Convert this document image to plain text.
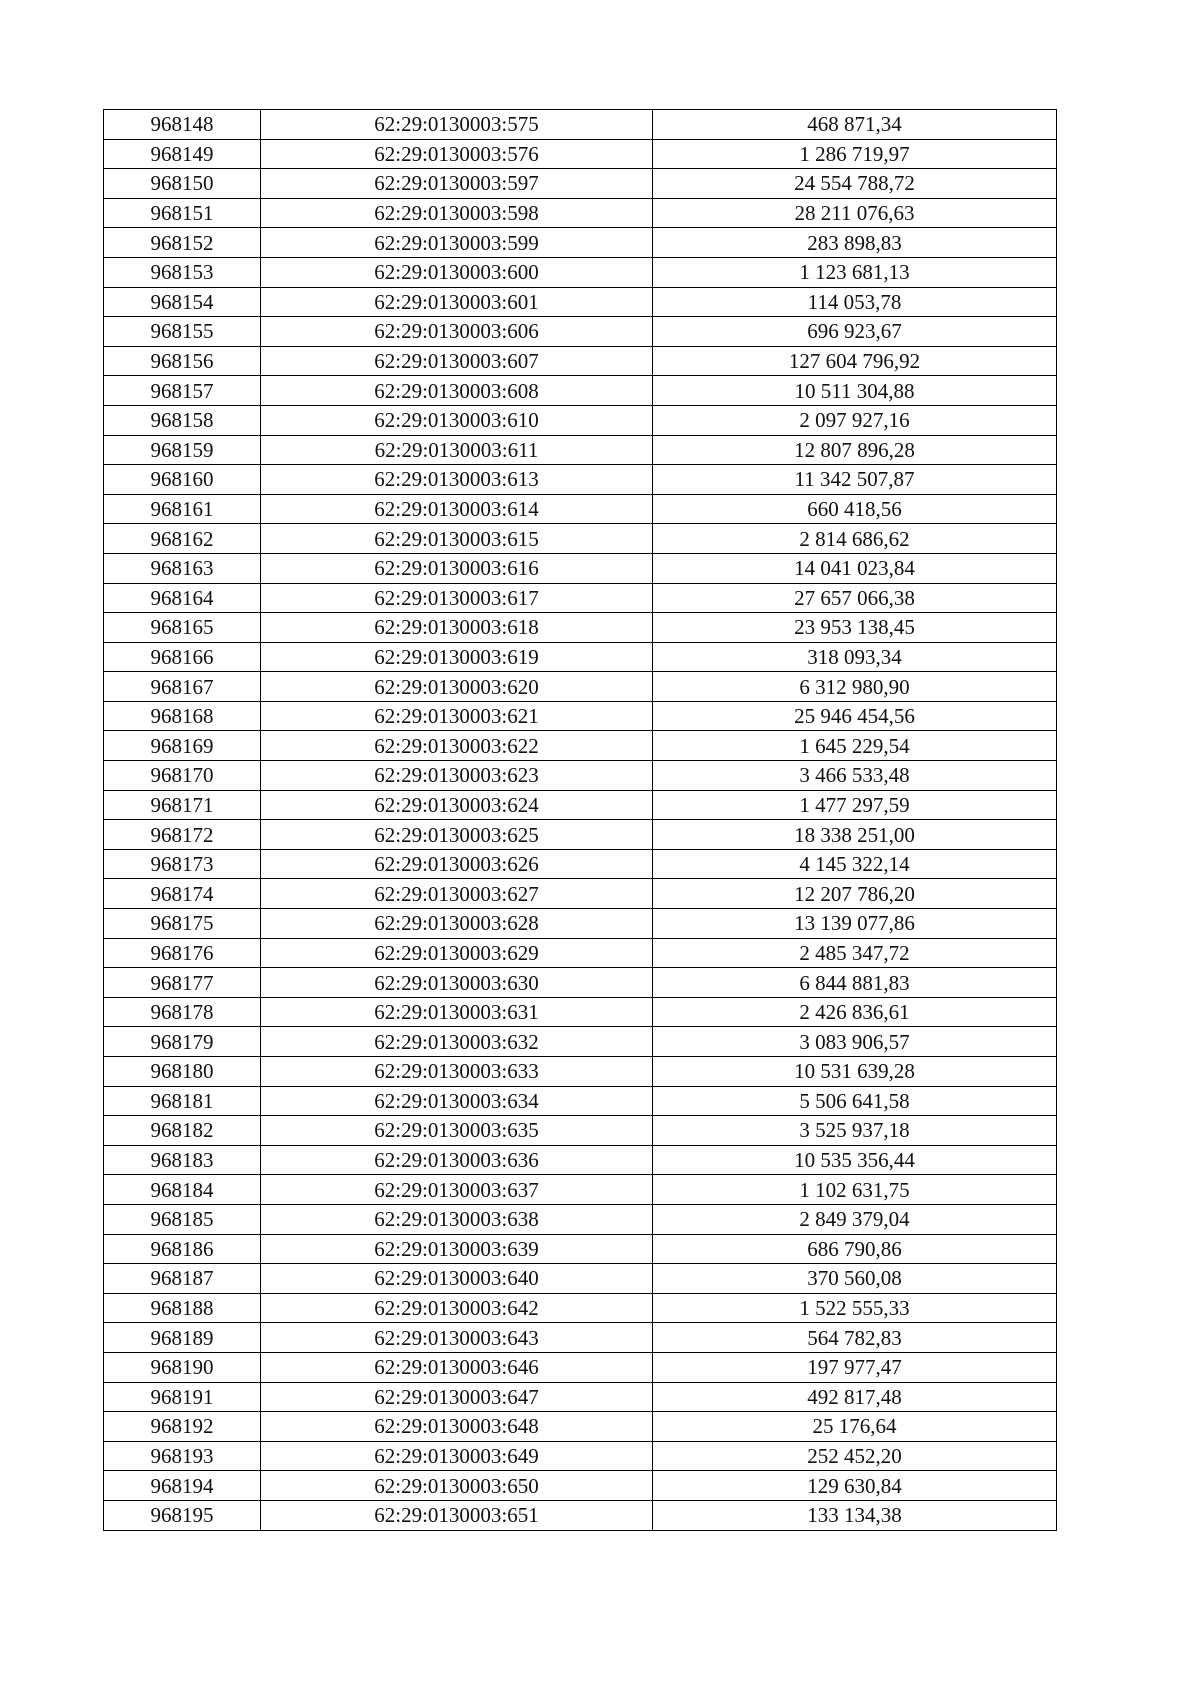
968148	62:29:0130003:575	468 871,34
968149	62:29:0130003:576	1 286 719,97
968150	62:29:0130003:597	24 554 788,72
968151	62:29:0130003:598	28 211 076,63
968152	62:29:0130003:599	283 898,83
968153	62:29:0130003:600	1 123 681,13
968154	62:29:0130003:601	114 053,78
968155	62:29:0130003:606	696 923,67
968156	62:29:0130003:607	127 604 796,92
968157	62:29:0130003:608	10 511 304,88
968158	62:29:0130003:610	2 097 927,16
968159	62:29:0130003:611	12 807 896,28
968160	62:29:0130003:613	11 342 507,87
968161	62:29:0130003:614	660 418,56
968162	62:29:0130003:615	2 814 686,62
968163	62:29:0130003:616	14 041 023,84
968164	62:29:0130003:617	27 657 066,38
968165	62:29:0130003:618	23 953 138,45
968166	62:29:0130003:619	318 093,34
968167	62:29:0130003:620	6 312 980,90
968168	62:29:0130003:621	25 946 454,56
968169	62:29:0130003:622	1 645 229,54
968170	62:29:0130003:623	3 466 533,48
968171	62:29:0130003:624	1 477 297,59
968172	62:29:0130003:625	18 338 251,00
968173	62:29:0130003:626	4 145 322,14
968174	62:29:0130003:627	12 207 786,20
968175	62:29:0130003:628	13 139 077,86
968176	62:29:0130003:629	2 485 347,72
968177	62:29:0130003:630	6 844 881,83
968178	62:29:0130003:631	2 426 836,61
968179	62:29:0130003:632	3 083 906,57
968180	62:29:0130003:633	10 531 639,28
968181	62:29:0130003:634	5 506 641,58
968182	62:29:0130003:635	3 525 937,18
968183	62:29:0130003:636	10 535 356,44
968184	62:29:0130003:637	1 102 631,75
968185	62:29:0130003:638	2 849 379,04
968186	62:29:0130003:639	686 790,86
968187	62:29:0130003:640	370 560,08
968188	62:29:0130003:642	1 522 555,33
968189	62:29:0130003:643	564 782,83
968190	62:29:0130003:646	197 977,47
968191	62:29:0130003:647	492 817,48
968192	62:29:0130003:648	25 176,64
968193	62:29:0130003:649	252 452,20
968194	62:29:0130003:650	129 630,84
968195	62:29:0130003:651	133 134,38
